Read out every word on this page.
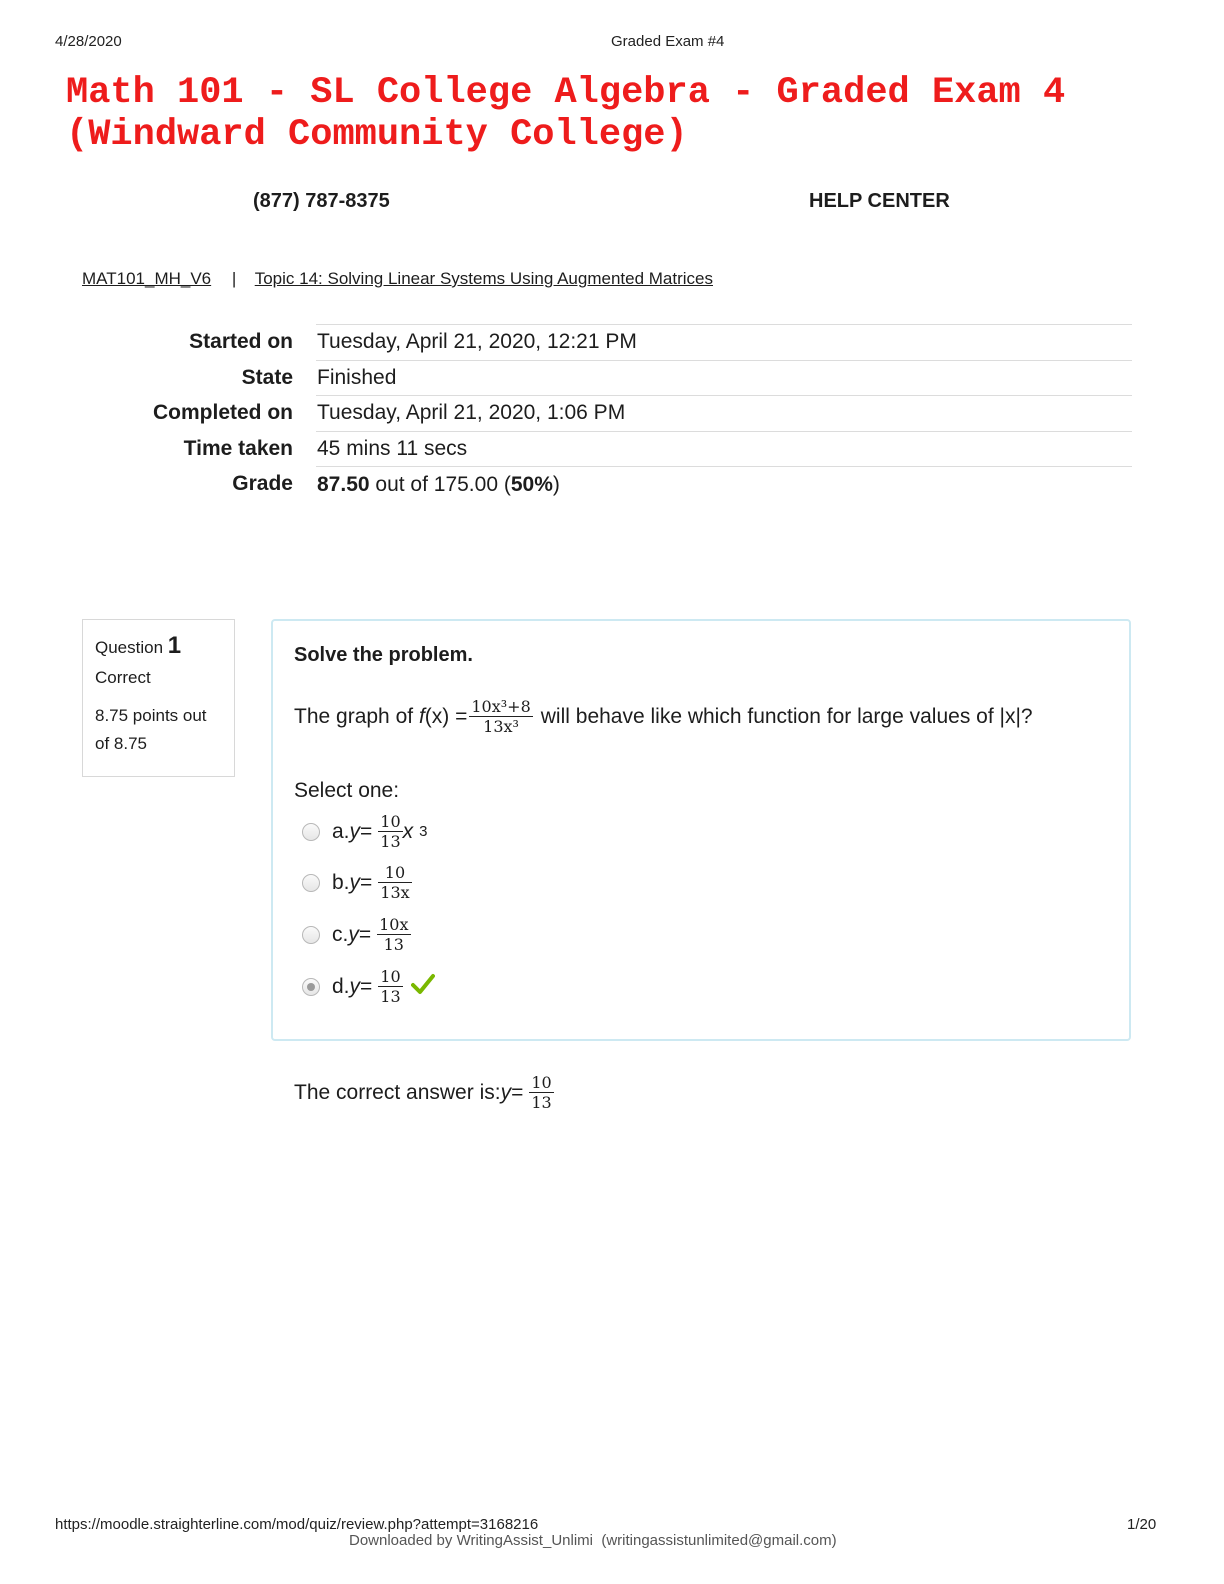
4/28/2020	Graded Exam #4
Math 101 - SL College Algebra - Graded Exam 4
(Windward Community College)
(877) 787-8375	HELP CENTER
MAT101_MH_V6 | Topic 14: Solving Linear Systems Using Augmented Matrices
Started on	Tuesday, April 21, 2020, 12:21 PM
State	Finished
Completed on	Tuesday, April 21, 2020, 1:06 PM
Time taken	45 mins 11 secs
Grade	87.50 out of 175.00 (50%)
Question 1
Correct
8.75 points out of 8.75
Solve the problem.
The graph of
f $(x) = \frac{\text{10x³+8}}{\text{13x³}}$ will behave like which function for large values of |x|?
Select one:
a. $y = \frac{10}{13}$ x 3
b. $y = \frac{10}{13x}$
c. $y = \frac{10x}{13}$
d. $y = \frac{10}{13}$
The correct answer is: $y = \frac{10}{13}$
https://moodle.straighterline.com/mod/quiz/review.php?attempt=3168216	1/20
Downloaded by WritingAssist_Unlimi  (writingassistunlimited@gmail.com)
